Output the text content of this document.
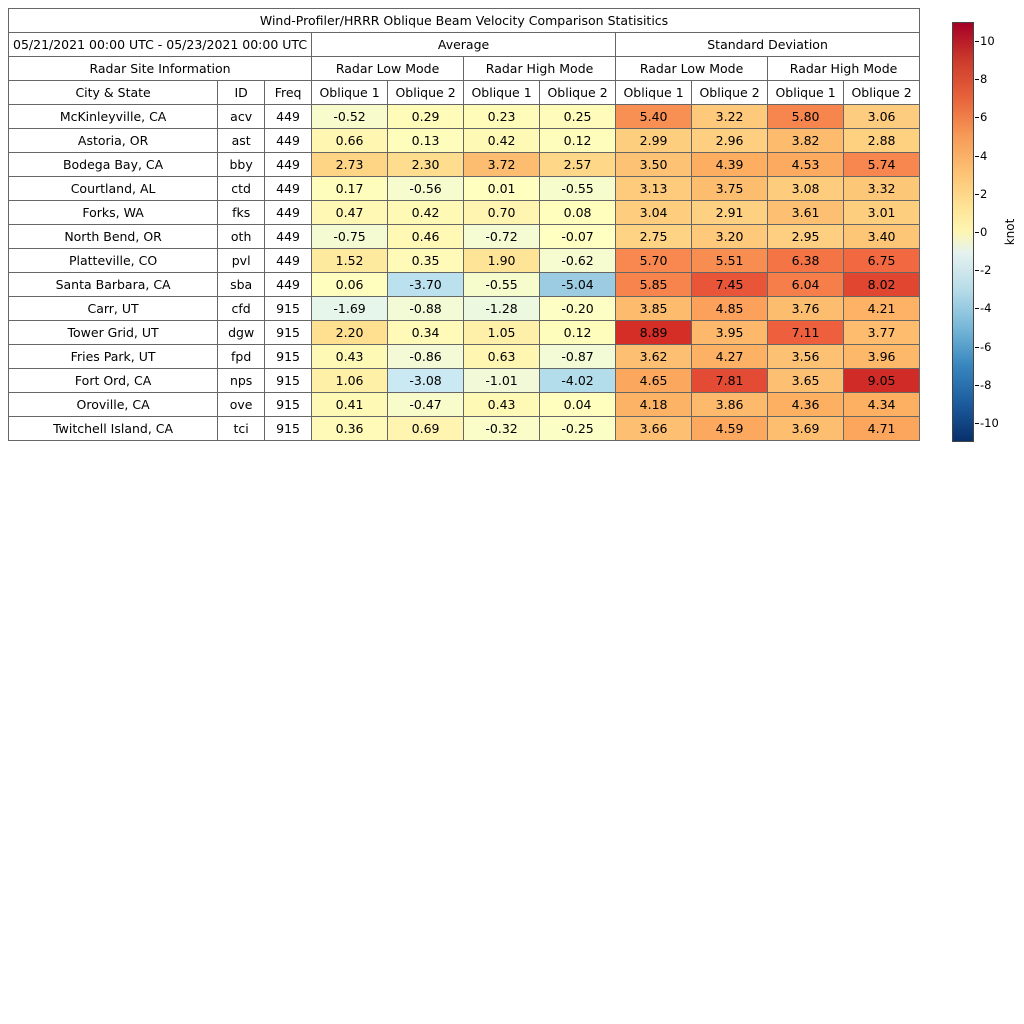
Wind-Profiler/HRRR Oblique Beam Velocity Comparison Statisitics										
05/21/2021 00:00 UTC - 05/23/2021 00:00 UTC			Average				Standard Deviation			
Radar Site Information			Radar Low Mode		Radar High Mode		Radar Low Mode		Radar High Mode	
City & State	ID	Freq	Oblique 1	Oblique 2	Oblique 1	Oblique 2	Oblique 1	Oblique 2	Oblique 1	Oblique 2
McKinleyville, CA	acv	449	-0.52	0.29	0.23	0.25	5.40	3.22	5.80	3.06
Astoria, OR	ast	449	0.66	0.13	0.42	0.12	2.99	2.96	3.82	2.88
Bodega Bay, CA	bby	449	2.73	2.30	3.72	2.57	3.50	4.39	4.53	5.74
Courtland, AL	ctd	449	0.17	-0.56	0.01	-0.55	3.13	3.75	3.08	3.32
Forks, WA	fks	449	0.47	0.42	0.70	0.08	3.04	2.91	3.61	3.01
North Bend, OR	oth	449	-0.75	0.46	-0.72	-0.07	2.75	3.20	2.95	3.40
Platteville, CO	pvl	449	1.52	0.35	1.90	-0.62	5.70	5.51	6.38	6.75
Santa Barbara, CA	sba	449	0.06	-3.70	-0.55	-5.04	5.85	7.45	6.04	8.02
Carr, UT	cfd	915	-1.69	-0.88	-1.28	-0.20	3.85	4.85	3.76	4.21
Tower Grid, UT	dgw	915	2.20	0.34	1.05	0.12	8.89	3.95	7.11	3.77
Fries Park, UT	fpd	915	0.43	-0.86	0.63	-0.87	3.62	4.27	3.56	3.96
Fort Ord, CA	nps	915	1.06	-3.08	-1.01	-4.02	4.65	7.81	3.65	9.05
Oroville, CA	ove	915	0.41	-0.47	0.43	0.04	4.18	3.86	4.36	4.34
Twitchell Island, CA	tci	915	0.36	0.69	-0.32	-0.25	3.66	4.59	3.69	4.71
10
8
6
4
2
0
-2
-4
-6
-8
-10
knot
